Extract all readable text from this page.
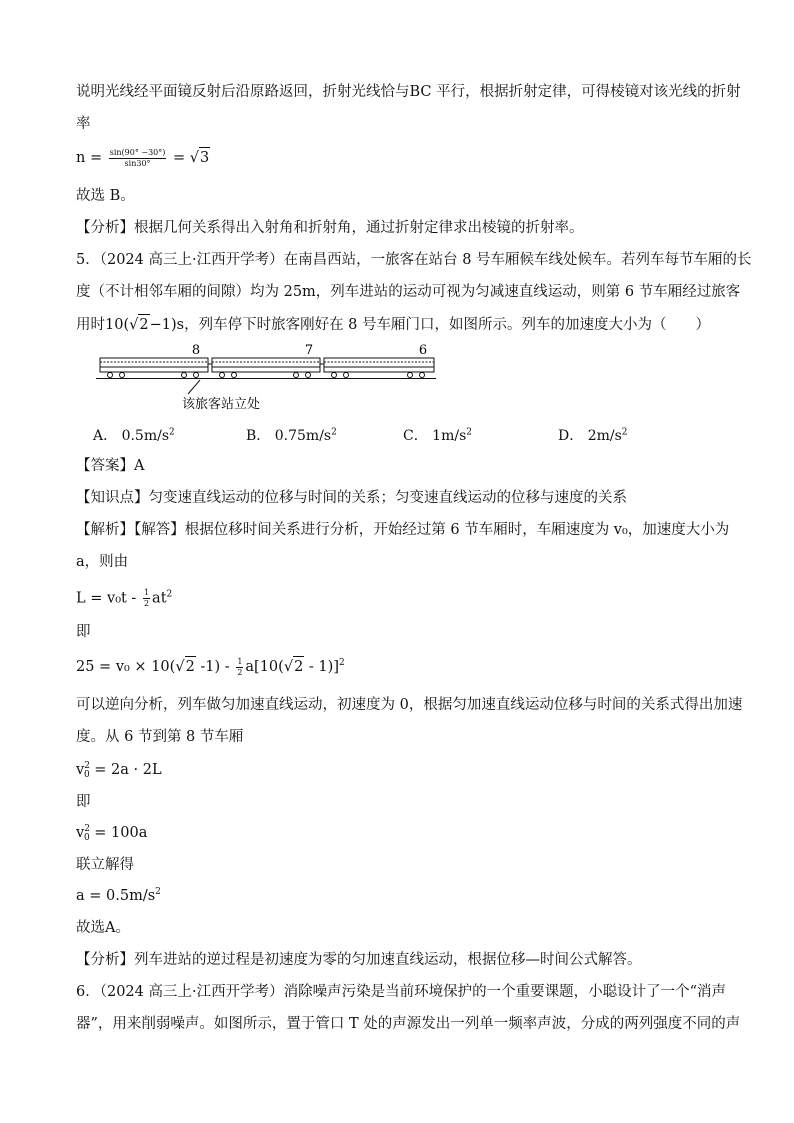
说明光线经平面镜反射后沿原路返回，折射光线恰与BC 平行，根据折射定律，可得棱镜对该光线的折射
率
$n = \frac{\sin(90^\circ -30^\circ)}{\sin 30^\circ} = √3$
故选 B。
【分析】根据几何关系得出入射角和折射角，通过折射定律求出棱镜的折射率。
5．（2024 高三上·江西开学考）在南昌西站，一旅客在站台 8 号车厢候车线处候车。若列车每节车厢的长
度（不计相邻车厢的间隙）均为 25m，列车进站的运动可视为匀减速直线运动，则第 6 节车厢经过旅客
用时10(√2−1)s，列车停下时旅客刚好在 8 号车厢门口，如图所示。列车的加速度大小为（　　）
8	7	6
该旅客站立处
A． $0.5m/s^2$	B． $0.75m/s^2$	C． $1m/s^2$	D． $2m/s^2$
【答案】A
【知识点】匀变速直线运动的位移与时间的关系；匀变速直线运动的位移与速度的关系
【解析】【解答】根据位移时间关系进行分析，开始经过第 6 节车厢时，车厢速度为 v₀，加速度大小为
a，则由
$L = v_0t - \frac{1}{2} at^2$
即
25 = v₀ × 10(√2 $-1) - \frac{1}{2} a[10(√2 - 1)]^2$
可以逆向分析，列车做匀加速直线运动，初速度为 0，根据匀加速直线运动位移与时间的关系式得出加速
度。从 6 节到第 8 节车厢
$v^2_0 = 2a \cdot 2L$
即
$v^2_0 = 100a$
联立解得
$a = 0.5m/s^2$
故选A。
【分析】列车进站的逆过程是初速度为零的匀加速直线运动，根据位移—时间公式解答。
6．（2024 高三上·江西开学考）消除噪声污染是当前环境保护的一个重要课题，小聪设计了一个“消声
器”，用来削弱噪声。如图所示，置于管口 T 处的声源发出一列单一频率声波，分成的两列强度不同的声
